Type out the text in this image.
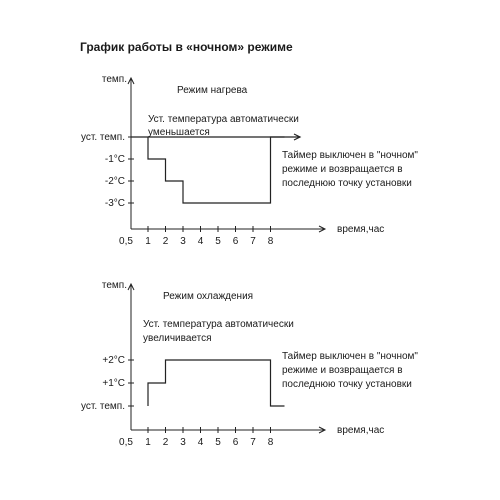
График работы в «ночном» режиме
темп.
время,час
0,5 1 2 3 4 5 6 7 8
уст. темп.
-1°C
-2°C
-3°C
Режим нагрева
Уст. температура автоматически
уменьшается
Таймер выключен в "ночном"
режиме и возвращается в
последнюю точку установки
темп.
время,час
0,5 1 2 3 4 5 6 7 8
+2°C
+1°C
уст. темп.
Режим охлаждения
Уст. температура автоматически
увеличивается
Таймер выключен в "ночном"
режиме и возвращается в
последнюю точку установки
